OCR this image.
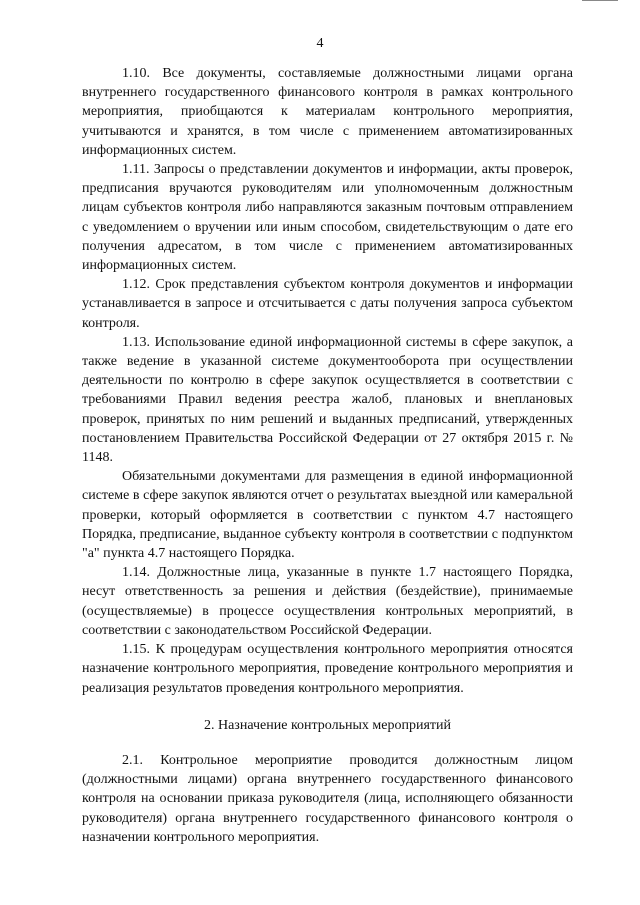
4

1.10. Все документы, составляемые должностными лицами органа внутреннего государственного финансового контроля в рамках контрольного мероприятия, приобщаются к материалам контрольного мероприятия, учитываются и хранятся, в том числе с применением автоматизированных информационных систем.

1.11. Запросы о представлении документов и информации, акты проверок, предписания вручаются руководителям или уполномоченным должностным лицам субъектов контроля либо направляются заказным почтовым отправлением с уведомлением о вручении или иным способом, свидетельствующим о дате его получения адресатом, в том числе с применением автоматизированных информационных систем.

1.12. Срок представления субъектом контроля документов и информации устанавливается в запросе и отсчитывается с даты получения запроса субъектом контроля.

1.13. Использование единой информационной системы в сфере закупок, а также ведение в указанной системе документооборота при осуществлении деятельности по контролю в сфере закупок осуществляется в соответствии с требованиями Правил ведения реестра жалоб, плановых и внеплановых проверок, принятых по ним решений и выданных предписаний, утвержденных постановлением Правительства Российской Федерации от 27 октября 2015 г. № 1148.

Обязательными документами для размещения в единой информационной системе в сфере закупок являются отчет о результатах выездной или камеральной проверки, который оформляется в соответствии с пунктом 4.7 настоящего Порядка, предписание, выданное субъекту контроля в соответствии с подпунктом "а" пункта 4.7 настоящего Порядка.

1.14. Должностные лица, указанные в пункте 1.7 настоящего Порядка, несут ответственность за решения и действия (бездействие), принимаемые (осуществляемые) в процессе осуществления контрольных мероприятий, в соответствии с законодательством Российской Федерации.

1.15. К процедурам осуществления контрольного мероприятия относятся назначение контрольного мероприятия, проведение контрольного мероприятия и реализация результатов проведения контрольного мероприятия.

2. Назначение контрольных мероприятий

2.1. Контрольное мероприятие проводится должностным лицом (должностными лицами) органа внутреннего государственного финансового контроля на основании приказа руководителя (лица, исполняющего обязанности руководителя) органа внутреннего государственного финансового контроля о назначении контрольного мероприятия.
